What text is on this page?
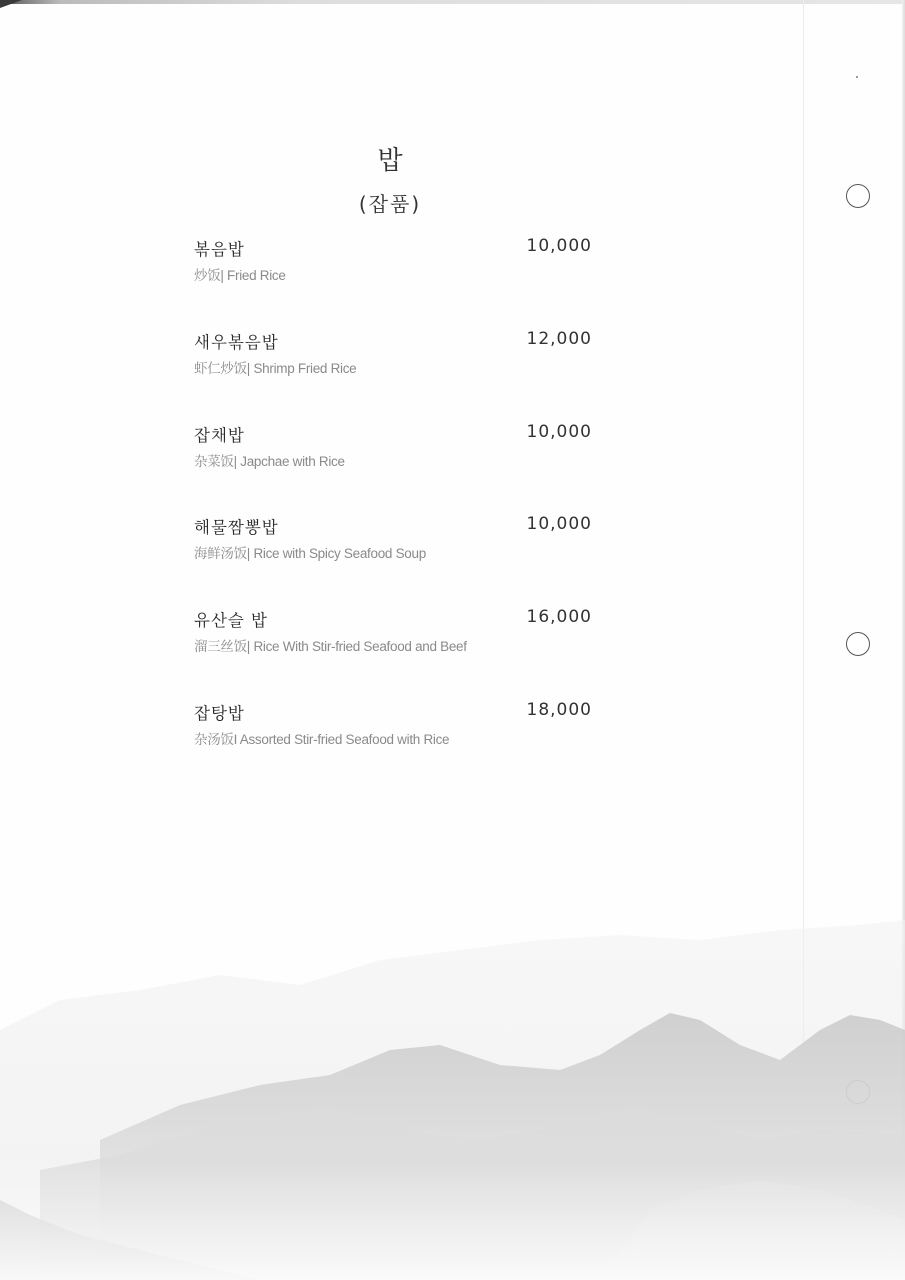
밥
(잡품)
볶음밥	10,000
炒饭| Fried Rice
새우볶음밥	12,000
虾仁炒饭| Shrimp Fried Rice
잡채밥	10,000
杂菜饭| Japchae with Rice
해물짬뽕밥	10,000
海鲜汤饭| Rice with Spicy Seafood Soup
유산슬 밥	16,000
溜三丝饭| Rice With Stir-fried Seafood and Beef
잡탕밥	18,000
杂汤饭I Assorted Stir-fried Seafood with Rice
